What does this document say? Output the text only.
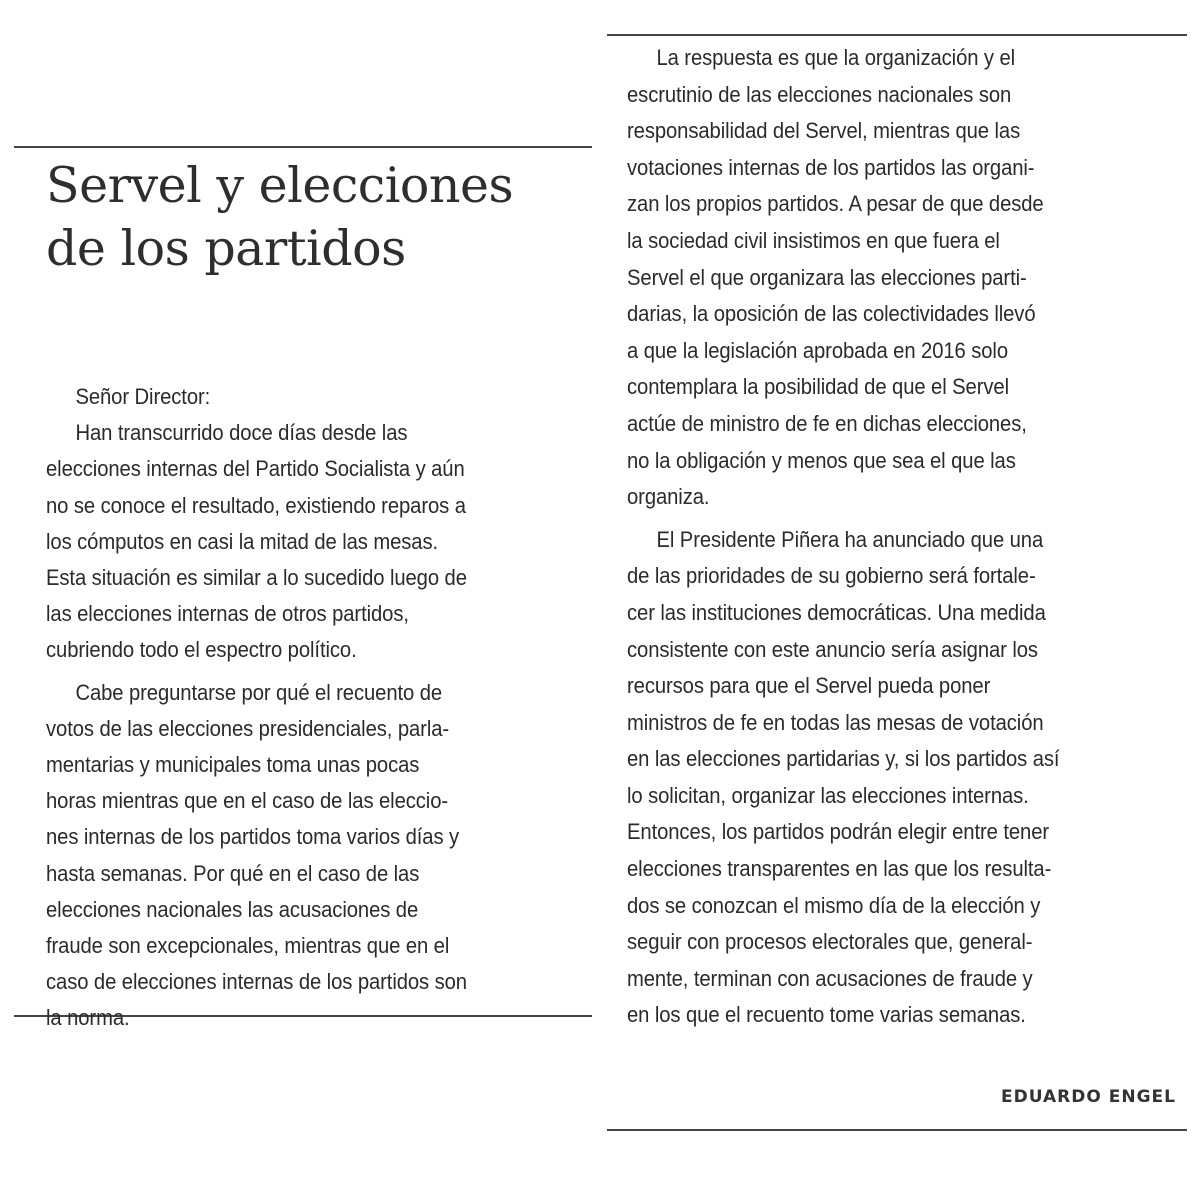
Servel y elecciones
de los partidos
Señor Director:
Han transcurrido doce días desde las
elecciones internas del Partido Socialista y aún
no se conoce el resultado, existiendo reparos a
los cómputos en casi la mitad de las mesas.
Esta situación es similar a lo sucedido luego de
las elecciones internas de otros partidos,
cubriendo todo el espectro político.
Cabe preguntarse por qué el recuento de
votos de las elecciones presidenciales, parla-
mentarias y municipales toma unas pocas
horas mientras que en el caso de las eleccio-
nes internas de los partidos toma varios días y
hasta semanas. Por qué en el caso de las
elecciones nacionales las acusaciones de
fraude son excepcionales, mientras que en el
caso de elecciones internas de los partidos son
la norma.
La respuesta es que la organización y el
escrutinio de las elecciones nacionales son
responsabilidad del Servel, mientras que las
votaciones internas de los partidos las organi-
zan los propios partidos. A pesar de que desde
la sociedad civil insistimos en que fuera el
Servel el que organizara las elecciones parti-
darias, la oposición de las colectividades llevó
a que la legislación aprobada en 2016 solo
contemplara la posibilidad de que el Servel
actúe de ministro de fe en dichas elecciones,
no la obligación y menos que sea el que las
organiza.
El Presidente Piñera ha anunciado que una
de las prioridades de su gobierno será fortale-
cer las instituciones democráticas. Una medida
consistente con este anuncio sería asignar los
recursos para que el Servel pueda poner
ministros de fe en todas las mesas de votación
en las elecciones partidarias y, si los partidos así
lo solicitan, organizar las elecciones internas.
Entonces, los partidos podrán elegir entre tener
elecciones transparentes en las que los resulta-
dos se conozcan el mismo día de la elección y
seguir con procesos electorales que, general-
mente, terminan con acusaciones de fraude y
en los que el recuento tome varias semanas.
EDUARDO ENGEL
